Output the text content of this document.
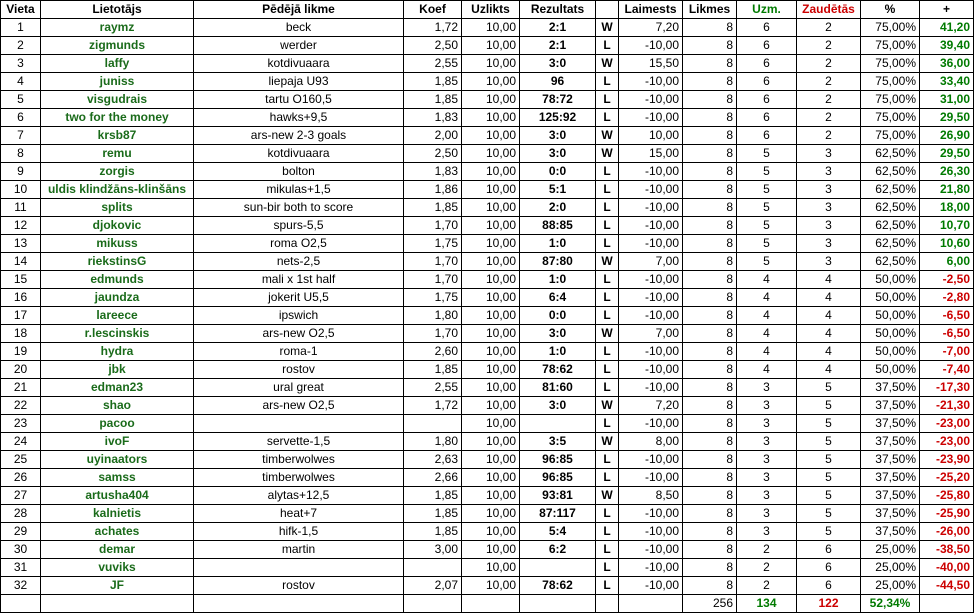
Vieta	Lietotājs	Pēdējā likme	Koef	Uzlikts	Rezultats		Laimests	Likmes	Uzm.	Zaudētās	%	+
1	raymz	beck	1,72	10,00	2:1	W	7,20	8	6	2	75,00%	41,20
2	zigmunds	werder	2,50	10,00	2:1	L	-10,00	8	6	2	75,00%	39,40
3	laffy	kotdivuaara	2,55	10,00	3:0	W	15,50	8	6	2	75,00%	36,00
4	juniss	liepaja U93	1,85	10,00	96	L	-10,00	8	6	2	75,00%	33,40
5	visgudrais	tartu O160,5	1,85	10,00	78:72	L	-10,00	8	6	2	75,00%	31,00
6	two for the money	hawks+9,5	1,83	10,00	125:92	L	-10,00	8	6	2	75,00%	29,50
7	krsb87	ars-new 2-3 goals	2,00	10,00	3:0	W	10,00	8	6	2	75,00%	26,90
8	remu	kotdivuaara	2,50	10,00	3:0	W	15,00	8	5	3	62,50%	29,50
9	zorgis	bolton	1,83	10,00	0:0	L	-10,00	8	5	3	62,50%	26,30
10	uldis klindžāns-klinšāns	mikulas+1,5	1,86	10,00	5:1	L	-10,00	8	5	3	62,50%	21,80
11	splits	sun-bir both to score	1,85	10,00	2:0	L	-10,00	8	5	3	62,50%	18,00
12	djokovic	spurs-5,5	1,70	10,00	88:85	L	-10,00	8	5	3	62,50%	10,70
13	mikuss	roma O2,5	1,75	10,00	1:0	L	-10,00	8	5	3	62,50%	10,60
14	riekstinsG	nets-2,5	1,70	10,00	87:80	W	7,00	8	5	3	62,50%	6,00
15	edmunds	mali x 1st half	1,70	10,00	1:0	L	-10,00	8	4	4	50,00%	-2,50
16	jaundza	jokerit U5,5	1,75	10,00	6:4	L	-10,00	8	4	4	50,00%	-2,80
17	lareece	ipswich	1,80	10,00	0:0	L	-10,00	8	4	4	50,00%	-6,50
18	r.lescinskis	ars-new O2,5	1,70	10,00	3:0	W	7,00	8	4	4	50,00%	-6,50
19	hydra	roma-1	2,60	10,00	1:0	L	-10,00	8	4	4	50,00%	-7,00
20	jbk	rostov	1,85	10,00	78:62	L	-10,00	8	4	4	50,00%	-7,40
21	edman23	ural great	2,55	10,00	81:60	L	-10,00	8	3	5	37,50%	-17,30
22	shao	ars-new O2,5	1,72	10,00	3:0	W	7,20	8	3	5	37,50%	-21,30
23	pacoo			10,00		L	-10,00	8	3	5	37,50%	-23,00
24	ivoF	servette-1,5	1,80	10,00	3:5	W	8,00	8	3	5	37,50%	-23,00
25	uyinaators	timberwolwes	2,63	10,00	96:85	L	-10,00	8	3	5	37,50%	-23,90
26	samss	timberwolwes	2,66	10,00	96:85	L	-10,00	8	3	5	37,50%	-25,20
27	artusha404	alytas+12,5	1,85	10,00	93:81	W	8,50	8	3	5	37,50%	-25,80
28	kalnietis	heat+7	1,85	10,00	87:117	L	-10,00	8	3	5	37,50%	-25,90
29	achates	hifk-1,5	1,85	10,00	5:4	L	-10,00	8	3	5	37,50%	-26,00
30	demar	martin	3,00	10,00	6:2	L	-10,00	8	2	6	25,00%	-38,50
31	vuviks			10,00		L	-10,00	8	2	6	25,00%	-40,00
32	JF	rostov	2,07	10,00	78:62	L	-10,00	8	2	6	25,00%	-44,50
								256	134	122	52,34%	
